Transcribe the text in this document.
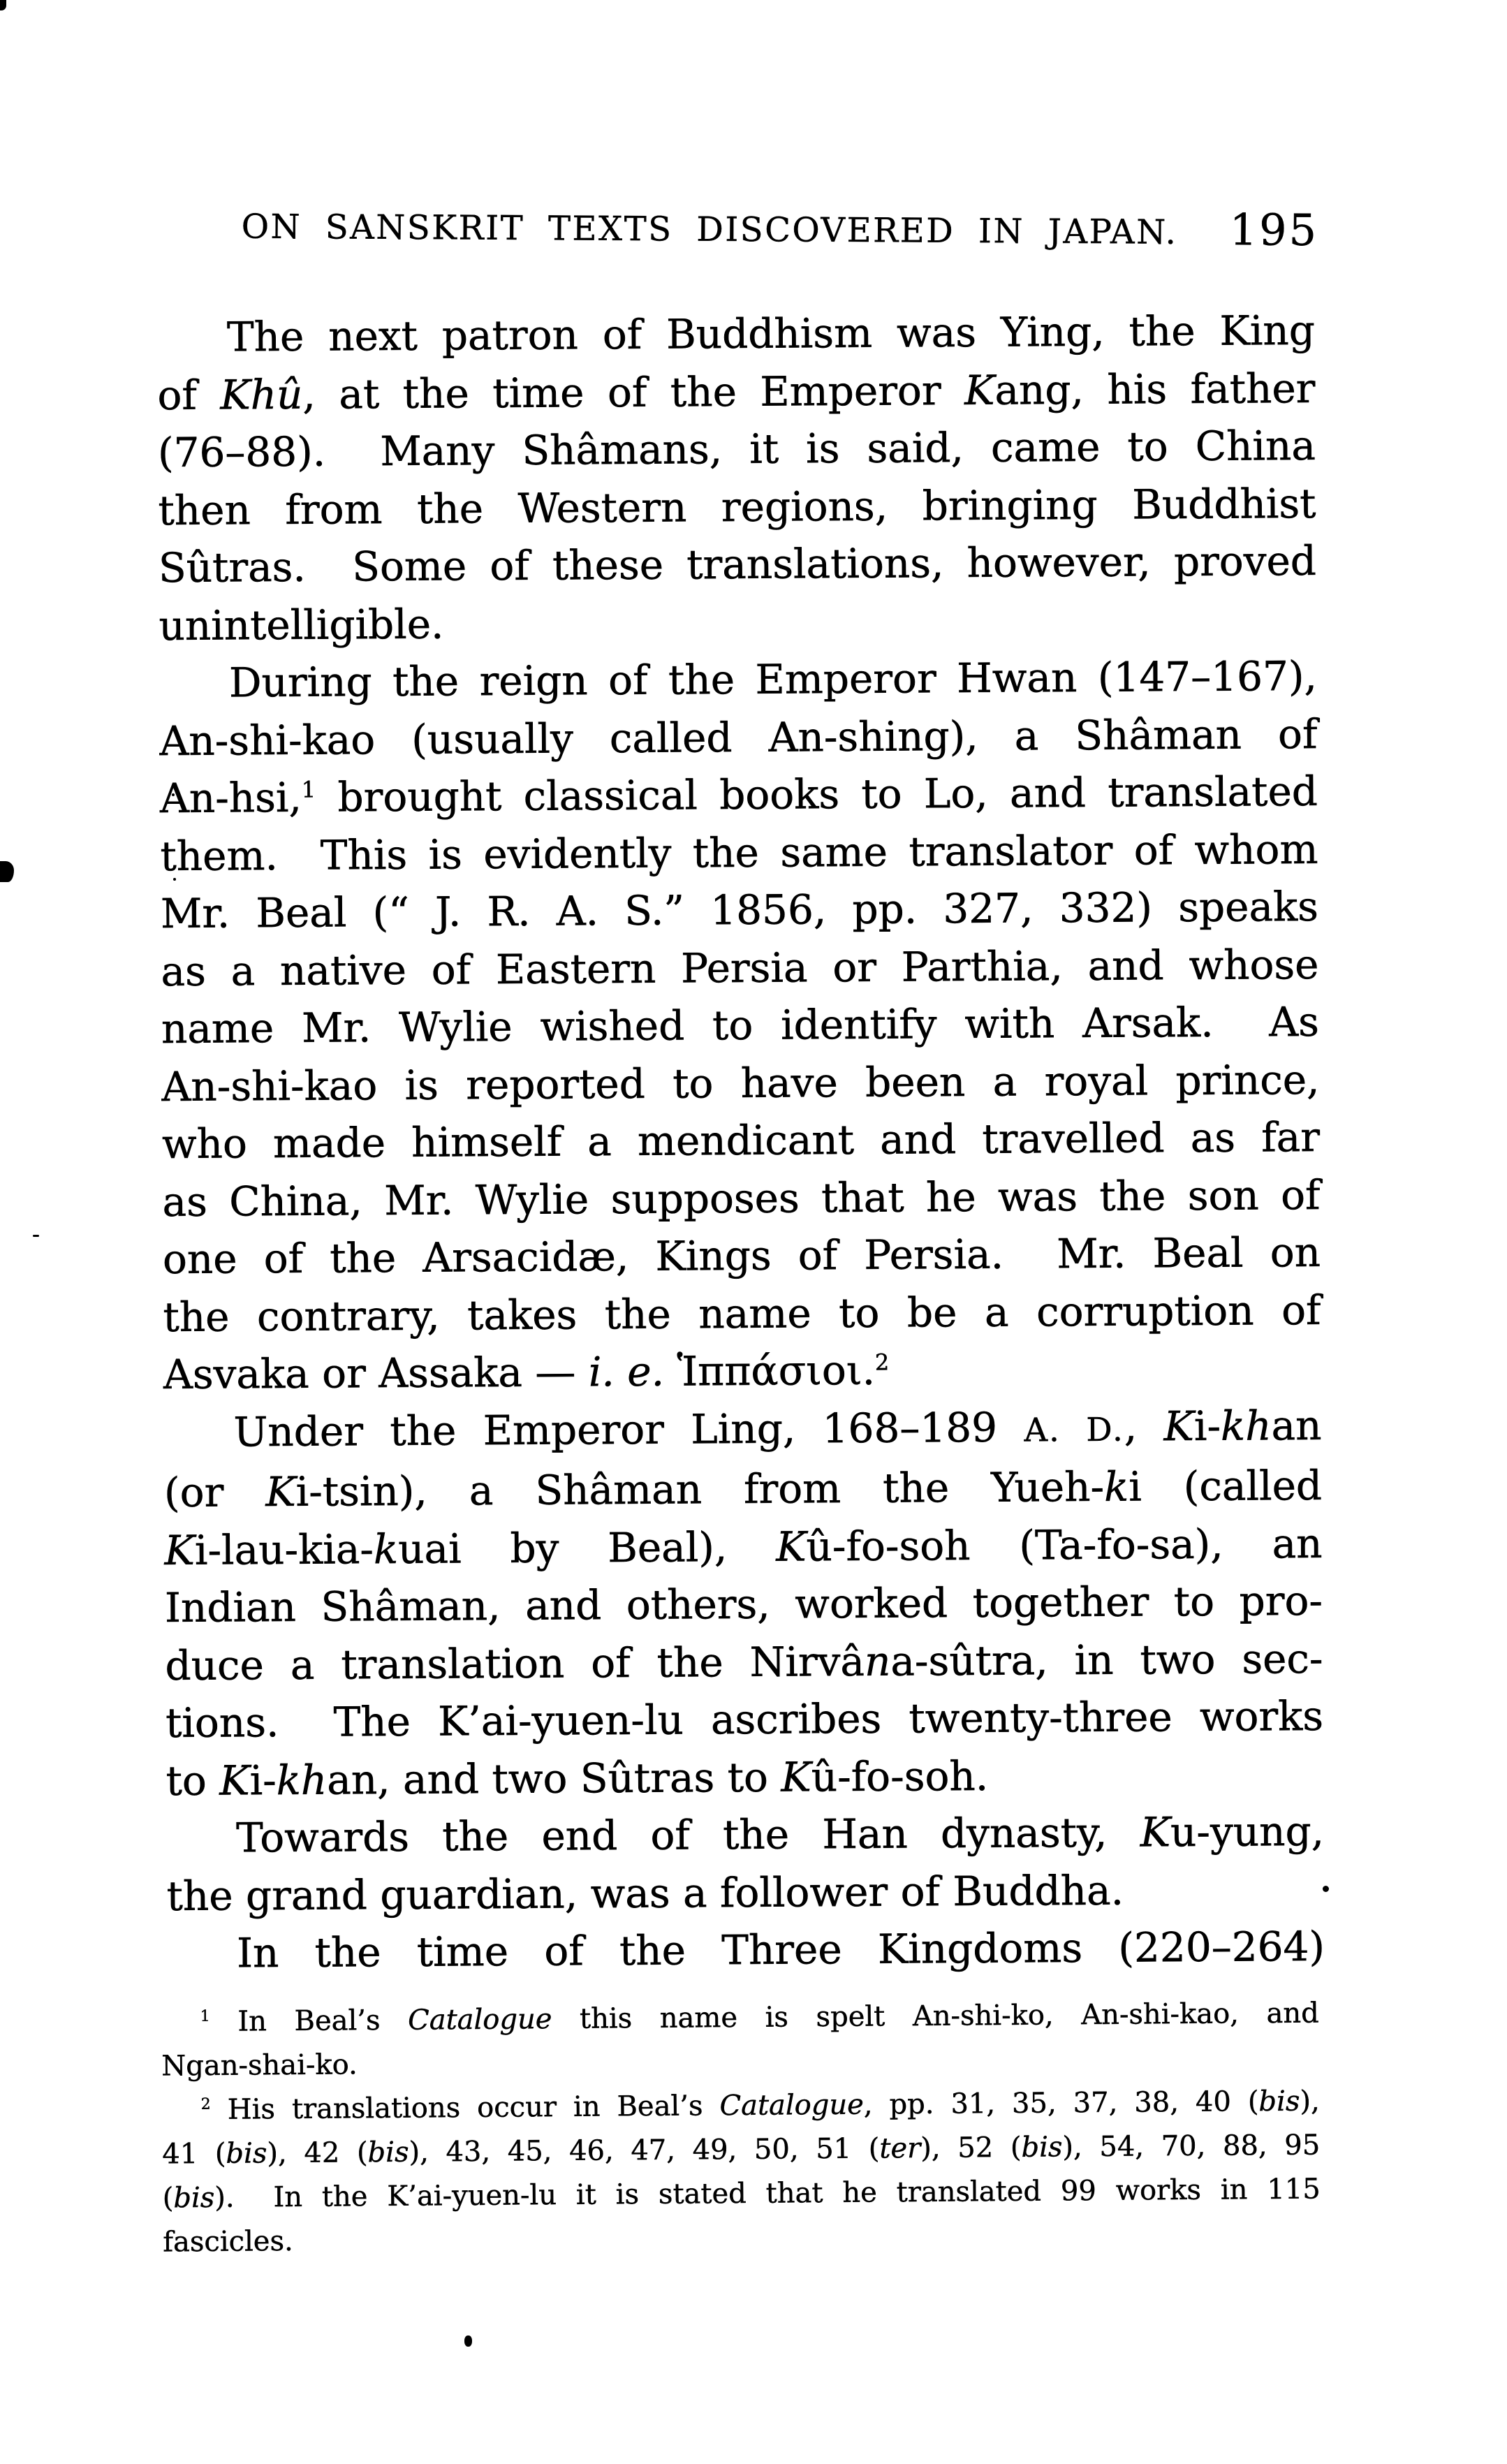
ON SANSKRIT TEXTS DISCOVERED IN JAPAN.	195
The next patron of Buddhism was Ying, the King
of Khû, at the time of the Emperor Kang, his father
(76–88).  Many Shâmans, it is said, came to China
then from the Western regions, bringing Buddhist
Sûtras.  Some of these translations, however, proved
unintelligible.
During the reign of the Emperor Hwan (147–167),
An-shi-kao (usually called An-shing), a Shâman of
An-hsi,$^1$ brought classical books to Lo, and translated
them.  This is evidently the same translator of whom
Mr. Beal (“ J. R. A. S.” 1856, pp. 327, 332) speaks
as a native of Eastern Persia or Parthia, and whose
name Mr. Wylie wished to identify with Arsak.  As
An-shi-kao is reported to have been a royal prince,
who made himself a mendicant and travelled as far
as China, Mr. Wylie supposes that he was the son of
one of the Arsacidæ, Kings of Persia.  Mr. Beal on
the contrary, takes the name to be a corruption of
Asvaka or Assaka — i. e. Ἱππάσιοι.$^2$
Under the Emperor Ling, 168–189 A. D., Ki-khan
(or Ki-tsin), a Shâman from the Yueh-ki (called
Ki-lau-kia-kuai by Beal), Kû-fo-soh (Ta-fo-sa), an
Indian Shâman, and others, worked together to pro-
duce a translation of the Nirvâna-sûtra, in two sec-
tions.  The K’ai-yuen-lu ascribes twenty-three works
to Ki-khan, and two Sûtras to Kû-fo-soh.
Towards the end of the Han dynasty, Ku-yung,
the grand guardian, was a follower of Buddha.
In the time of the Three Kingdoms (220–264)
$^1$ In Beal’s Catalogue this name is spelt An-shi-ko, An-shi-kao, and
Ngan-shai-ko.
$^2$ His translations occur in Beal’s Catalogue, pp. 31, 35, 37, 38, 40 (bis),
41 (bis), 42 (bis), 43, 45, 46, 47, 49, 50, 51 (ter), 52 (bis), 54, 70, 88, 95
(bis).  In the K’ai-yuen-lu it is stated that he translated 99 works in 115
fascicles.
